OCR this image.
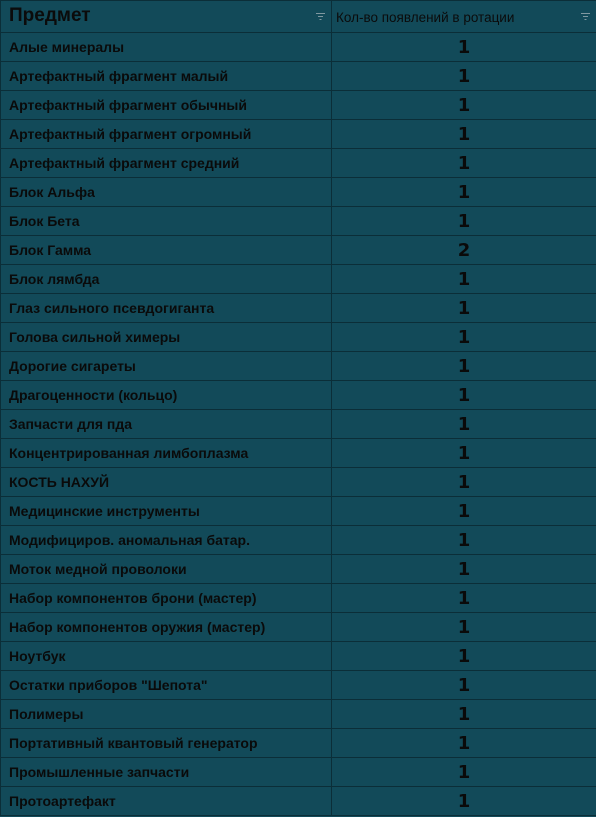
Предмет	Кол-во появлений в ротации

Алые минералы	1
Артефактный фрагмент малый	1
Артефактный фрагмент обычный	1
Артефактный фрагмент огромный	1
Артефактный фрагмент средний	1
Блок Альфа	1
Блок Бета	1
Блок Гамма	2
Блок лямбда	1
Глаз сильного псевдогиганта	1
Голова сильной химеры	1
Дорогие сигареты	1
Драгоценности (кольцо)	1
Запчасти для пда	1
Концентрированная лимбоплазма	1
КОСТЬ НАХУЙ	1
Медицинские инструменты	1
Модифициров. аномальная батар.	1
Моток медной проволоки	1
Набор компонентов брони (мастер)	1
Набор компонентов оружия (мастер)	1
Ноутбук	1
Остатки приборов "Шепота"	1
Полимеры	1
Портативный квантовый генератор	1
Промышленные запчасти	1
Протоартефакт	1
